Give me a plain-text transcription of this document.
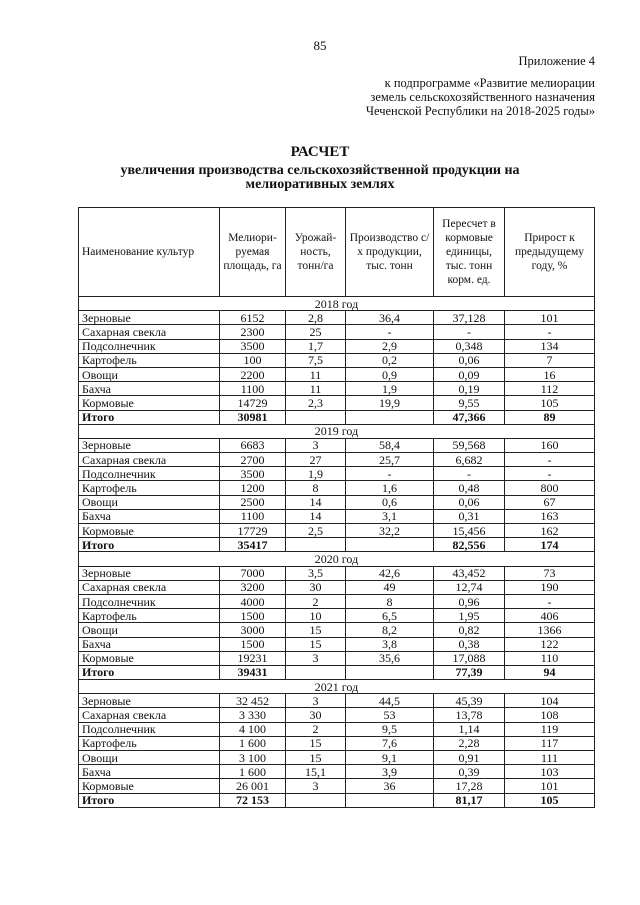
85
Приложение 4
к подпрограмме «Развитие мелиорации
земель сельскохозяйственного назначения
Чеченской Республики на 2018-2025 годы»
РАСЧЕТ
увеличения производства сельскохозяйственной продукции на мелиоративных землях
Наименование культур	Мелиори-руемая площадь, га	Урожай-ность, тонн/га	Производство с/х продукции, тыс. тонн	Пересчет в кормовые единицы, тыс. тонн корм. ед.	Прирост к предыдущему году, %
2018 год					
Зерновые	6152	2,8	36,4	37,128	101
Сахарная свекла	2300	25	-	-	-
Подсолнечник	3500	1,7	2,9	0,348	134
Картофель	100	7,5	0,2	0,06	7
Овощи	2200	11	0,9	0,09	16
Бахча	1100	11	1,9	0,19	112
Кормовые	14729	2,3	19,9	9,55	105
Итого	30981			47,366	89
2019 год					
Зерновые	6683	3	58,4	59,568	160
Сахарная свекла	2700	27	25,7	6,682	-
Подсолнечник	3500	1,9	-	-	-
Картофель	1200	8	1,6	0,48	800
Овощи	2500	14	0,6	0,06	67
Бахча	1100	14	3,1	0,31	163
Кормовые	17729	2,5	32,2	15,456	162
Итого	35417			82,556	174
2020 год					
Зерновые	7000	3,5	42,6	43,452	73
Сахарная свекла	3200	30	49	12,74	190
Подсолнечник	4000	2	8	0,96	-
Картофель	1500	10	6,5	1,95	406
Овощи	3000	15	8,2	0,82	1366
Бахча	1500	15	3,8	0,38	122
Кормовые	19231	3	35,6	17,088	110
Итого	39431			77,39	94
2021 год					
Зерновые	32 452	3	44,5	45,39	104
Сахарная свекла	3 330	30	53	13,78	108
Подсолнечник	4 100	2	9,5	1,14	119
Картофель	1 600	15	7,6	2,28	117
Овощи	3 100	15	9,1	0,91	111
Бахча	1 600	15,1	3,9	0,39	103
Кормовые	26 001	3	36	17,28	101
Итого	72 153			81,17	105
